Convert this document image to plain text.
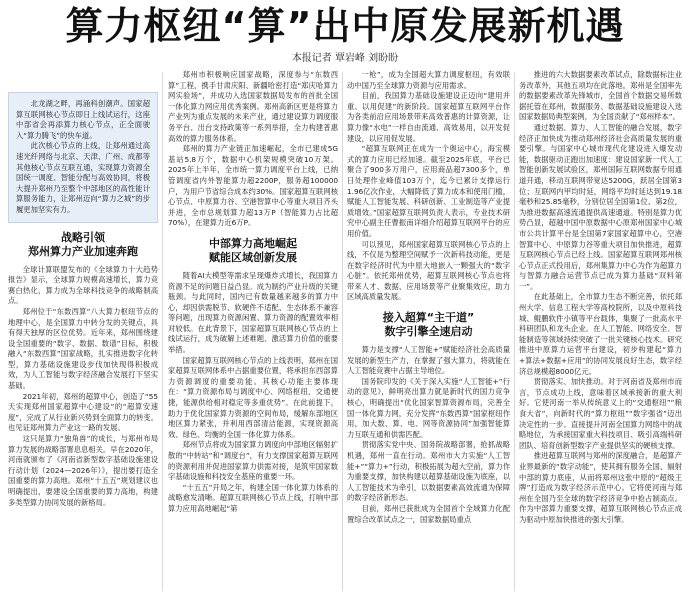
算力枢纽“算”出中原发展新机遇
本报记者 覃岩峰 刘盼盼

北龙湖之畔，再涌科创潮声。国家超算互联网核心节点即日上线试运行，这座中部省会再添算力核心节点，正全面驶入“算力腾飞”的快车道。

此次核心节点的上线，让郑州通过高速光纤网络与北京、天津、广州、成都等其他核心节点互联互通，实现算力资源全国统一调度、智能分配与高效协同，将极大提升郑州乃至整个中部地区的高性能计算服务能力，让郑州迈向“算力之城”的步履更加坚实有力。

战略引领
郑州算力产业加速奔跑

全球计算联盟发布的《全球算力十大趋势报告》显示，全球算力规模高速增长，算力竞赛白热化，算力成为全球科技竞争的战略制高点。

郑州位于“东数西算”八大算力枢纽节点的地理中心，是全国算力中转分发的关键点，具有得天独厚的区位优势。近年来，郑州围绕建设全国重要的“数字、数据、数谱”目标，积极融入“东数西算”国家战略，扎实推进数字化转型，算力基础设施建设步伐加快现得积极成效，为人工智能与数字经济融合发展打下坚实基础。

2021年初，郑州的超算中心，创造了“55天实现郑州国家超算中心建设”的“超算安速度”，完成了从行业新兴势到全面算力的转变。也见证郑州算力产业这一路的发展。

这只是算力“独角兽”的成长，与郑州布局算力发展的战略部署息息相关。早在2020年，河南就颁布了《河南省新型数字基础设施建设行动计划（2024—2026年）》，提出要打造全国重要的算力高地。郑州“十五五”规划建议也明确提出，要建设全国重要的算力高地，构建多类型算力协同发展的新格局。

郑州市积极响应国家战略，深度参与“东数西算”工程，携手甘肃庆阳、新疆哈密打造“郑庆哈算力网实验场”，并成功入选国家数据局发布的首批全国一体化算力网应用优秀案例。郑州高新区更是将算力产业列为重点发展的未来产业，通过建设算力调度服务平台、出台支持政策等一系列举措，全力构建普惠高效的算力服务体系。

郑州的算力产业链正加速崛起，全市已建成5G基站5.8万个，数据中心机架规模突破10万架。2025年上半年，全市统一算力调度平台上线，已纳管调度省内外智能算力超2200P，服务超100000户，为用户节省综合成本约30%。国家超算互联网核心节点、中原算力谷、空港智算中心等重大项目齐头并进，全市总规划算力超13万P（智能算力占比超70%），在建算力近6万P。

中部算力高地崛起
赋能区域创新发展

随着AI大模型等需求呈现爆炸式增长，我国算力资源不足的问题日益凸显。成为制约产业升级的关键瓶颈。与此同时，国内已有数量越来越多的算力中心，却因供需脱节、软硬件不适配、生态体系不兼容等问题，出现算力资源闲置、算力资源的配置效率相对较低。在此背景下，国家超算互联网核心节点的上线试运行，成为破解上述难题、激活算力价值的重要举措。

国家超算互联网核心节点的上线表明，郑州在国家超算互联网体系中占据重要位置，将承担东西部算力资源调度的重要功能。其核心功能主要体现在：“算力资源布局与调度中心、网络枢纽，交通便捷，能源供给相对稳定等多重优势”。在此前提下，助力于优化国家算力资源的空间布局，缓解东部地区地区算力紧张，并利用西部清洁能源，实现资源高效、绿色、均衡的全国一体化算力体系。

郑州节点将成为国家算力调度向中部地区辐射扩散的“中转站”和“调度台”，有力支撑国家超算互联网的资源利用并促进国家算力供需对接，是筑牢国家数字基础设施和科技安全基座的重要一环。

“十五五”开局之年，构建全国一体化算力体系的战略愈发清晰。超算互联网核心节点上线，打响中部算力应用高地崛起“第

一枪”，成为全国超大算力调度枢纽，有效联动中国乃至全球算力资源与应用需求。

目前，我国算力基础设施建设正迈向“建用并重、以用促建”的新阶段。国家超算互联网平台作为各类前沿应用场景带来高效普惠的计算资源，让算力像“水电”一样自由流通、高效易用，以开发促建设，以应用促发展。

“超算互联网正在成为一个奥运中心，海宝模式的算力应用已经加速。截至2025年底，平台已聚合了900多万用户，应用商品超7300多个，单日处理作业峰值103万个，迄今已累计支撑运行1.96亿次作业，大幅降低了算力成本和使用门槛，赋能人工智能发展、科研创新、工业制造等产业提质增效。”国家超算互联网负责人表示，专业技术研究中心副主任曹振南详细介绍超算互联网平台的应用价值。

可以预见，郑州国家超算互联网核心节点的上线，不仅是为整理空间赋予一次新科技动能，更是在数字经济时代为中原大地嵌入一颗强大的“数字心脏”。依托郑州优势，超算互联网核心节点也将带来人才、数据、应用场景等产业聚集效应，助力区域高质量发展。

接入超算“主干道”
数字引擎全速启动

算力是支撑“人工智能+”赋能经济社会高质量发展的新型生产力，在掌握了强大算力，将就能在人工智能竞赛中占据主导地位。

国务院印发的《关于深入实施“人工智能+”行动的意见》，鲜明亮出算力就是新时代的国力竞争核心，明确提出“优化国家智算资源布局，完善全国一体化算力网，充分发挥“东数西算”国家枢纽作用，加大数、算、电、网等资源协同”加强智能算力互联互通和供需匹配。

贯彻落实党中央、国务院战略部署，抢抓战略机遇，郑州一直在行动。郑州市大力实施“人工智能+”“算力+”行动，积极拓展为超大空前，算力作为重要支撑，加快构建以超算基础设施为底座，以人工智能技术为牵引，以数据要素高效流通为保障的数字经济新形态。

目前，郑州已获批成为全国首个全域算力化配置综合改革试点之一，国家数据局重点

推进的六大数据要素改革试点，除数据标注业务改革外，其他五项均在此落地。郑州是全国率先的数据要素改革先锋城市，全国首个数据交易所数据托管在郑州，数据服务、数据基础设施建设入选国家数据局典型案例，为全国贡献了“郑州样本”。

通过数据、算力、人工智能的融合发展，数字经济正加快成为推动郑州经济社会高质量发展的重要引擎。与国家中心城市现代化建设进入爆发动能，数据驱动正跑出加速度：建设国家新一代人工智能创新发展试验区，郑州国际互联网数据专用通道开通，移动互联网带宽达5200G，跃居全国第3位；互联网内甲均时延，网络平均时延达到19.18毫秒和25.85毫秒，分别位居全国第1位、第2位，为推进数据高速流通提供高速通道。特别是算力优势凸显，超越中国中原数据中心原郑州国家中心城市公共计算平台是全国第7家国家超算中心，空港智算中心、中原算力谷等重大项目加快推进，超算互联网核心节点已经上线。国家超算互联网郑州核心节点正式投用后，郑州集算力中心为作为超算力与智算力融合运营节点已成为算力基础“双料第一”。

在此基础上，全市算力生态不断完善，依托郑州大学、信息工程大学等高校院所，以及中原科技城、鲲鹏软件小镇等平台载体，集聚了一批高水平科研团队和龙头企业。在人工智能、网络安全、智能制造等领域持续突破了一批关键核心技术。研究推进中原算力运营平台建设，初步构建起“算力+算法+数据+应用”的协同发展良好生态，数字经济总规模超8000亿元。

贯彻落实、加快推动。对于河南省及郑州市而言，节点成功上线，意味着区域承接新的重大利好。它使河南一举从传统意义上的“交通枢纽”“粮食大省”，向新时代的“算力枢纽”“数字强省”迈出决定性的一步。直接提升河南全国算力网络中的战略地位，为承接国家重大科技项目、吸引高端科研团队、培育创新型数字产业提供坚实的硬核支撑。

推进超算互联网与郑州的深度融合，是超算产业界最新的“数字动能”，使其拥有服务全国、辐射中部的算力底座，从而将郑州这张中原的“超级王牌”打造成为数字经济示范中心。它将使河南与郑州在全国乃至全球的数字经济竞争中抢占制高点。作为中部算力重要支撑，超算互联网核心节点正成为驱动中原加快推进的强大引擎。
